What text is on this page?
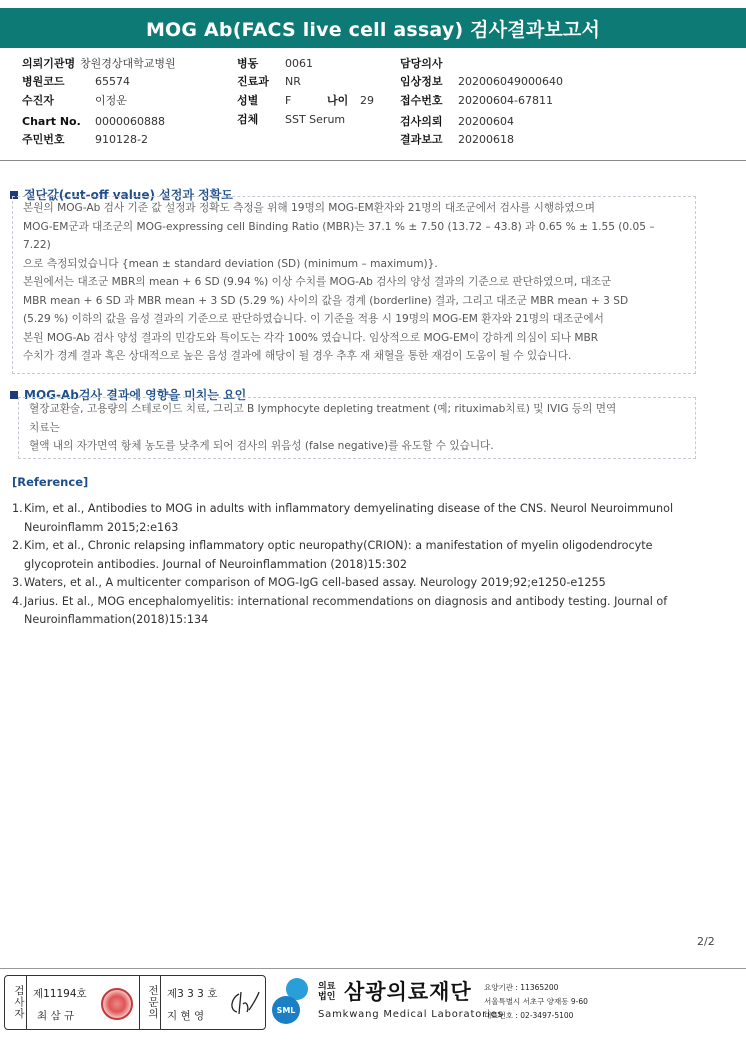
MOG Ab(FACS live cell assay) 검사결과보고서
의뢰기관명 창원경상대학교병원
병원코드	65574
수진자	이정운
Chart No. 0000060888
주민번호	910128-2
병동 0061
진료과 NR
성별 F	나이 29
검체 SST Serum
담당의사
임상정보 202006049000640
접수번호 20200604-67811
검사의뢰 20200604
결과보고 20200618
절단값(cut-off value) 설정과 정확도
본원의 MOG-Ab 검사 기준 값 설정과 정확도 측정을 위해 19명의 MOG-EM환자와 21명의 대조군에서 검사를 시행하였으며
MOG-EM군과 대조군의 MOG-expressing cell Binding Ratio (MBR)는 37.1 % ± 7.50 (13.72 – 43.8) 과 0.65 % ± 1.55 (0.05 –
7.22)
으로 측정되었습니다 {mean ± standard deviation (SD) (minimum – maximum)}.
본원에서는 대조군 MBR의 mean + 6 SD (9.94 %) 이상 수치를 MOG-Ab 검사의 양성 결과의 기준으로 판단하였으며, 대조군
MBR mean + 6 SD 과 MBR mean + 3 SD (5.29 %) 사이의 값을 경계 (borderline) 결과, 그리고 대조군 MBR mean + 3 SD
(5.29 %) 이하의 값을 음성 결과의 기준으로 판단하였습니다. 이 기준을 적용 시 19명의 MOG-EM 환자와 21명의 대조군에서
본원 MOG-Ab 검사 양성 결과의 민감도와 특이도는 각각 100% 였습니다. 임상적으로 MOG-EM이 강하게 의심이 되나 MBR
수치가 경계 결과 혹은 상대적으로 높은 음성 결과에 해당이 될 경우 추후 재 채혈을 통한 재검이 도움이 될 수 있습니다.
MOG-Ab검사 결과에 영향을 미치는 요인
혈장교환술, 고용량의 스테로이드 치료, 그리고 B lymphocyte depleting treatment (예; rituximab치료) 및 IVIG 등의 면역
치료는
혈액 내의 자가면역 항체 농도를 낮추게 되어 검사의 위음성 (false negative)를 유도할 수 있습니다.
[Reference]
1. Kim, et al., Antibodies to MOG in adults with inflammatory demyelinating disease of the CNS. Neurol Neuroimmunol
Neuroinflamm 2015;2:e163
2. Kim, et al., Chronic relapsing inflammatory optic neuropathy(CRION): a manifestation of myelin oligodendrocyte
glycoprotein antibodies. Journal of Neuroinflammation (2018)15:302
3. Waters, et al., A multicenter comparison of MOG-IgG cell-based assay. Neurology 2019;92;e1250-e1255
4. Jarius. Et al., MOG encephalomyelitis: international recommendations on diagnosis and antibody testing. Journal of
Neuroinflammation(2018)15:134
2/2
검사자 제11194호
최 삼 규	전문의 제3 3 3 호
지 현 영	SML
의료법인 삼광의료재단
Samkwang Medical Laboratories
요양기관 : 11365200
서울특별시 서초구 양재동 9-60
대표번호 : 02-3497-5100
